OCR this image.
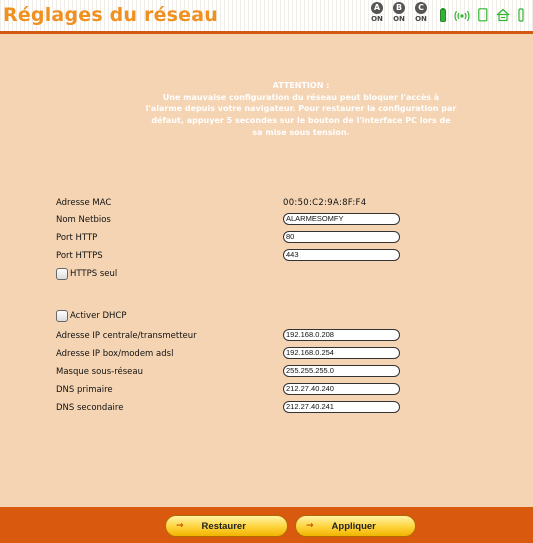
Réglages du réseau	A
ON
B
ON
C
ON
ATTENTION :
Une mauvaise configuration du réseau peut bloquer l'accès à l'alarme depuis votre navigateur. Pour restaurer la configuration par défaut, appuyer 5 secondes sur le bouton de l'interface PC lors de sa mise sous tension.
Adresse MAC	00:50:C2:9A:8F:F4
Nom Netbios	ALARMESOMFY
Port HTTP	80
Port HTTPS	443
HTTPS seul
Activer DHCP
Adresse IP centrale/transmetteur	192.168.0.208
Adresse IP box/modem adsl	192.168.0.254
Masque sous-réseau	255.255.255.0
DNS primaire	212.27.40.240
DNS secondaire	212.27.40.241
→ Restaurer	→ Appliquer
